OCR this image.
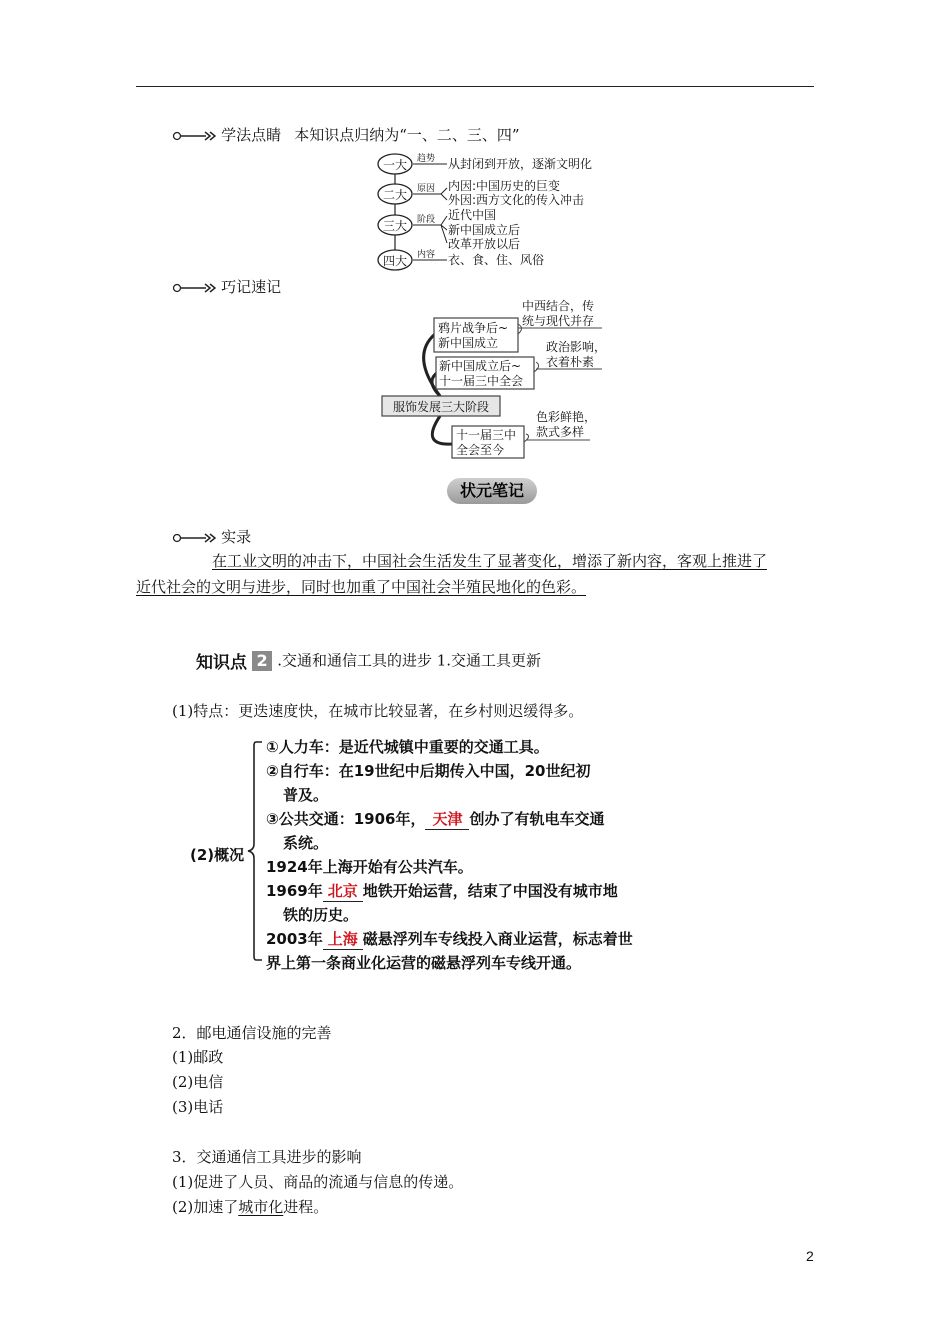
学法点睛 本知识点归纳为“一、二、三、四”
一大
二大
三大
四大
趋势
原因
阶段
内容
从封闭到开放，逐渐文明化
内因:中国历史的巨变
外因:西方文化的传入冲击
近代中国
新中国成立后
改革开放以后
衣、食、住、风俗
巧记速记
鸦片战争后~
新中国成立
新中国成立后~
十一届三中全会
十一届三中
全会至今
服饰发展三大阶段
中西结合，传
统与现代并存
政治影响，
衣着朴素
色彩鲜艳，
款式多样
状元笔记
实录
在工业文明的冲击下，中国社会生活发生了显著变化，增添了新内容，客观上推进了
近代社会的文明与进步，同时也加重了中国社会半殖民地化的色彩。
知识点 2 .交通和通信工具的进步 1.交通工具更新
(1)特点：更迭速度快，在城市比较显著，在乡村则迟缓得多。
(2)概况
①人力车：是近代城镇中重要的交通工具。
②自行车：在19世纪中后期传入中国，20世纪初
普及。
③公共交通：1906年， 天津 创办了有轨电车交通
系统。
1924年上海开始有公共汽车。
1969年 北京 地铁开始运营，结束了中国没有城市地
铁的历史。
2003年 上海 磁悬浮列车专线投入商业运营，标志着世
界上第一条商业化运营的磁悬浮列车专线开通。
2．邮电通信设施的完善
(1)邮政
(2)电信
(3)电话
3．交通通信工具进步的影响
(1)促进了人员、商品的流通与信息的传递。
(2)加速了城市化进程。
2
